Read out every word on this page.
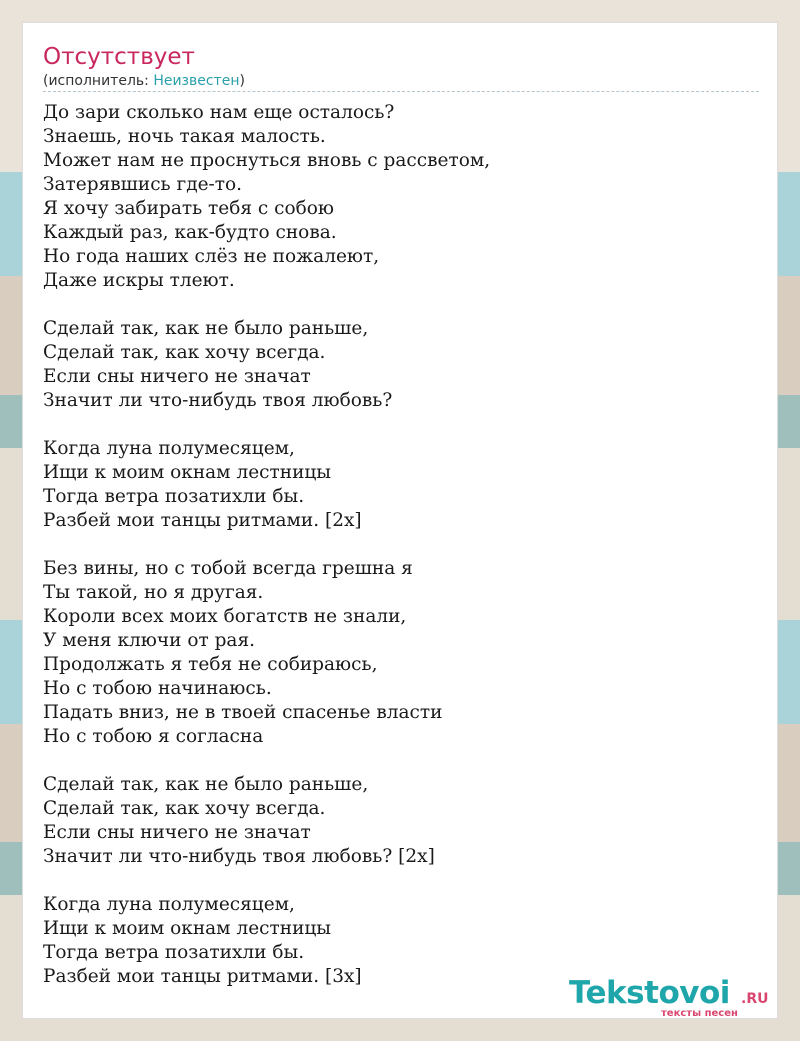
Отсутствует
(исполнитель: Неизвестен)
До зари сколько нам еще осталось?
Знаешь, ночь такая малость.
Может нам не проснуться вновь с рассветом,
Затерявшись где-то.
Я хочу забирать тебя с собою
Каждый раз, как-будто снова.
Но года наших слёз не пожалеют,
Даже искры тлеют.
Сделай так, как не было раньше,
Сделай так, как хочу всегда.
Если сны ничего не значат
Значит ли что-нибудь твоя любовь?
Когда луна полумесяцем,
Ищи к моим окнам лестницы
Тогда ветра позатихли бы.
Разбей мои танцы ритмами. [2x]
Без вины, но с тобой всегда грешна я
Ты такой, но я другая.
Короли всех моих богатств не знали,
У меня ключи от рая.
Продолжать я тебя не собираюсь,
Но с тобою начинаюсь.
Падать вниз, не в твоей спасенье власти
Но с тобою я согласна
Сделай так, как не было раньше,
Сделай так, как хочу всегда.
Если сны ничего не значат
Значит ли что-нибудь твоя любовь? [2x]
Когда луна полумесяцем,
Ищи к моим окнам лестницы
Тогда ветра позатихли бы.
Разбей мои танцы ритмами. [3x]	Tekstovoi .RU
тексты песен
